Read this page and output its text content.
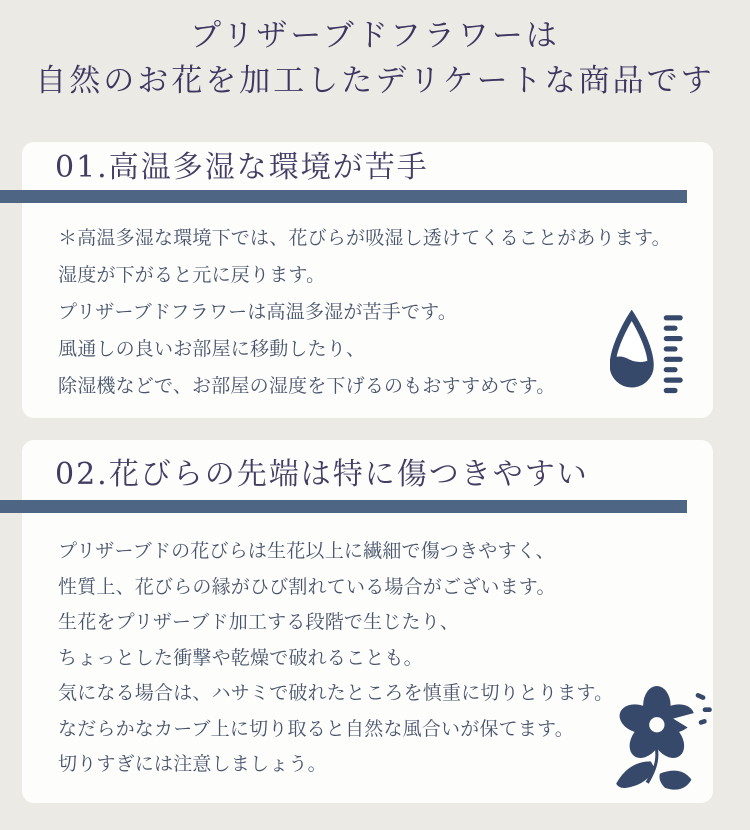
プリザーブドフラワーは
自然のお花を加工したデリケートな商品です
01.高温多湿な環境が苦手

＊高温多湿な環境下では、花びらが吸湿し透けてくることがあります。

湿度が下がると元に戻ります。

プリザーブドフラワーは高温多湿が苦手です。

風通しの良いお部屋に移動したり、

除湿機などで、お部屋の湿度を下げるのもおすすめです。

02.花びらの先端は特に傷つきやすい

プリザーブドの花びらは生花以上に繊細で傷つきやすく、

性質上、花びらの縁がひび割れている場合がございます。

生花をプリザーブド加工する段階で生じたり、

ちょっとした衝撃や乾燥で破れることも。

気になる場合は、ハサミで破れたところを慎重に切りとります。

なだらかなカーブ上に切り取ると自然な風合いが保てます。

切りすぎには注意しましょう。
